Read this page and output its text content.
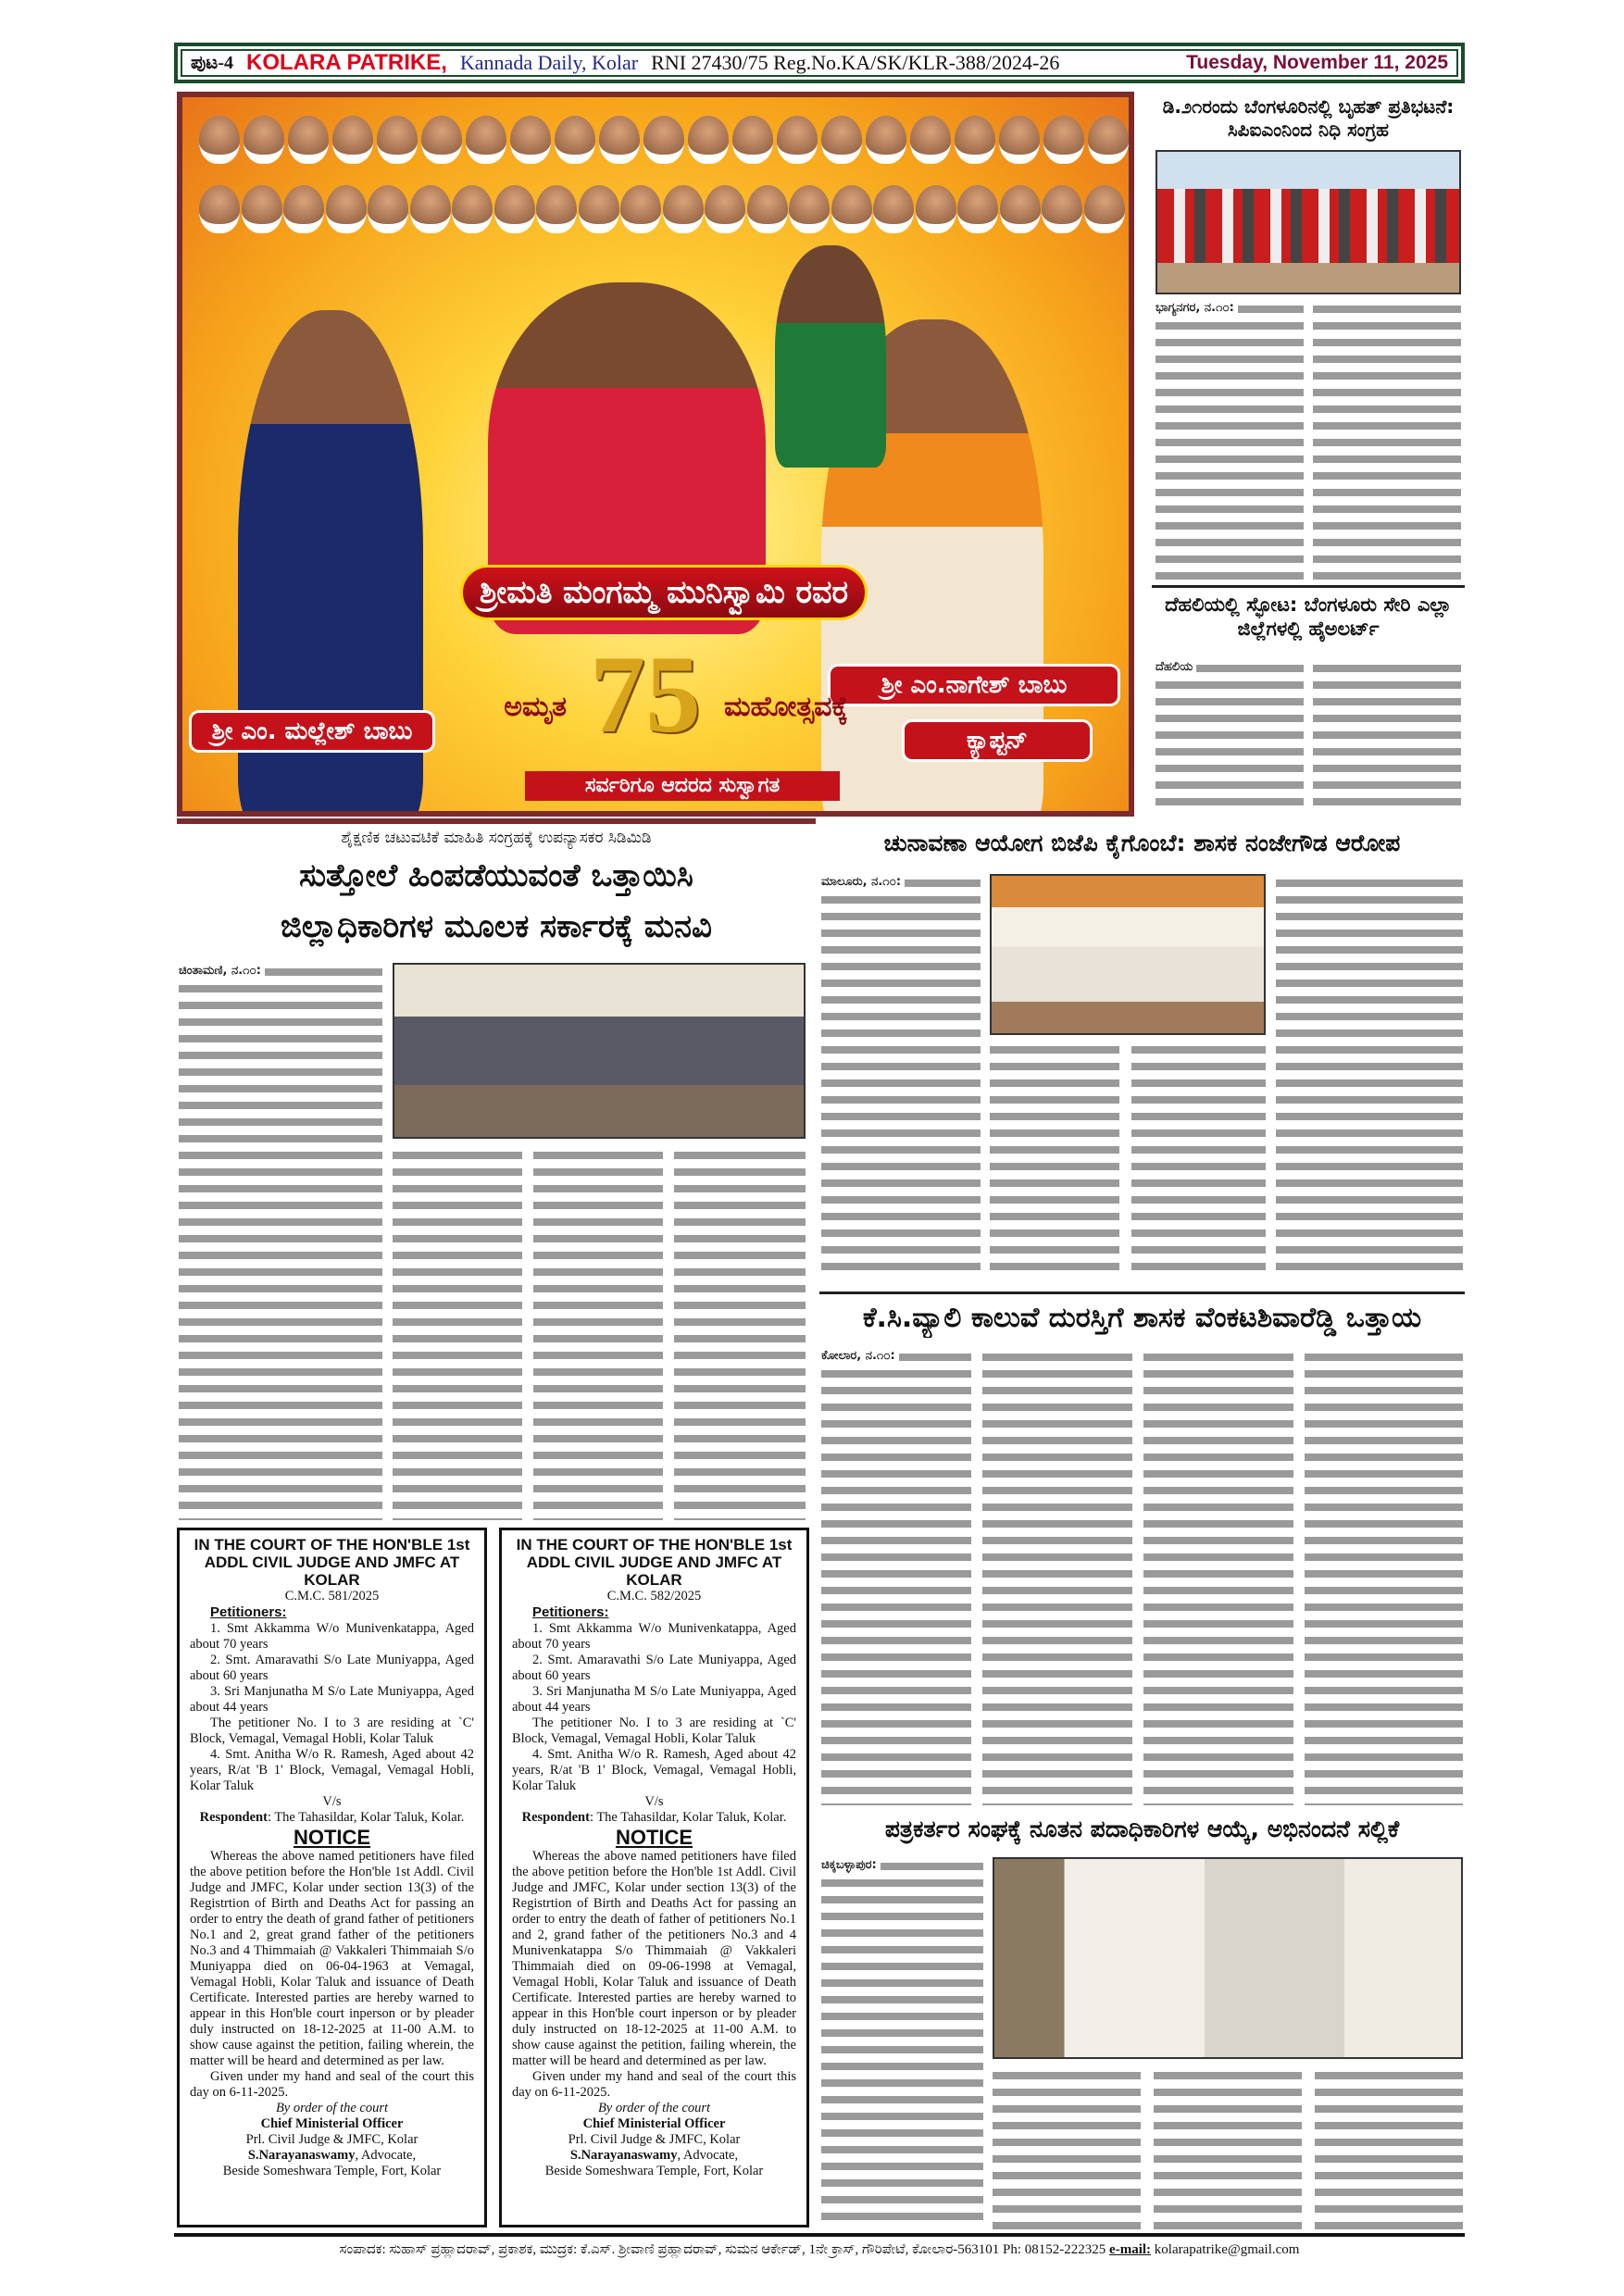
ಪುಟ-4 KOLARA PATRIKE, Kannada Daily, Kolar RNI 27430/75 Reg.No.KA/SK/KLR-388/2024-26	Tuesday, November 11, 2025
ಶ್ರೀಮತಿ ಮಂಗಮ್ಮ ಮುನಿಸ್ವಾಮಿ ರವರ
ಶ್ರೀ ಎಂ. ಮಲ್ಲೇಶ್ ಬಾಬು
ಶ್ರೀ ಎಂ.ನಾಗೇಶ್ ಬಾಬು
ಕ್ಯಾಪ್ಟನ್
ಅಮೃತ 75 ಮಹೋತ್ಸವಕ್ಕೆ
ಸರ್ವರಿಗೂ ಆದರದ ಸುಸ್ವಾಗತ
ಡಿ.೨೧ರಂದು ಬೆಂಗಳೂರಿನಲ್ಲಿ ಬೃಹತ್ ಪ್ರತಿಭಟನೆ: ಸಿಪಿಐಎಂನಿಂದ ನಿಧಿ ಸಂಗ್ರಹ
ಭಾಗ್ಯನಗರ, ನ.೧೦:
ದೆಹಲಿಯಲ್ಲಿ ಸ್ಫೋಟ: ಬೆಂಗಳೂರು ಸೇರಿ ಎಲ್ಲಾ ಜಿಲ್ಲೆಗಳಲ್ಲಿ ಹೈಅಲರ್ಟ್
ದೆಹಲಿಯ
ಶೈಕ್ಷಣಿಕ ಚಟುವಟಿಕೆ ಮಾಹಿತಿ ಸಂಗ್ರಹಕ್ಕೆ ಉಪನ್ಯಾಸಕರ ಸಿಡಿಮಿಡಿ
ಸುತ್ತೋಲೆ ಹಿಂಪಡೆಯುವಂತೆ ಒತ್ತಾಯಿಸಿ
ಜಿಲ್ಲಾಧಿಕಾರಿಗಳ ಮೂಲಕ ಸರ್ಕಾರಕ್ಕೆ ಮನವಿ
ಚಿಂತಾಮಣಿ, ನ.೧೦:
IN THE COURT OF THE HON'BLE 1st
ADDL CIVIL JUDGE AND JMFC AT KOLAR
C.M.C. 581/2025
Petitioners:

1. Smt Akkamma W/o Munivenkatappa, Aged about 70 years

2. Smt. Amaravathi S/o Late Muniyappa, Aged about 60 years

3. Sri Manjunatha M S/o Late Muniyappa, Aged about 44 years

The petitioner No. I to 3 are residing at `C' Block, Vemagal, Vemagal Hobli, Kolar Taluk

4. Smt. Anitha W/o R. Ramesh, Aged about 42 years, R/at 'B 1' Block, Vemagal, Vemagal Hobli, Kolar Taluk

V/s
Respondent: The Tahasildar, Kolar Taluk, Kolar.
NOTICE

Whereas the above named petitioners have filed the above petition before the Hon'ble 1st Addl. Civil Judge and JMFC, Kolar under section 13(3) of the Registrtion of Birth and Deaths Act for passing an order to entry the death of grand father of petitioners No.1 and 2, great grand father of the petitioners No.3 and 4 Thimmaiah @ Vakkaleri Thimmaiah S/o Muniyappa died on 06-04-1963 at Vemagal, Vemagal Hobli, Kolar Taluk and issuance of Death Certificate. Interested parties are hereby warned to appear in this Hon'ble court inperson or by pleader duly instructed on 18-12-2025 at 11-00 A.M. to show cause against the petition, failing wherein, the matter will be heard and determined as per law.

Given under my hand and seal of the court this day on 6-11-2025.

By order of the court
Chief Ministerial Officer
Prl. Civil Judge & JMFC, Kolar
S.Narayanaswamy, Advocate,
Beside Someshwara Temple, Fort, Kolar
IN THE COURT OF THE HON'BLE 1st
ADDL CIVIL JUDGE AND JMFC AT KOLAR
C.M.C. 582/2025
Petitioners:

1. Smt Akkamma W/o Munivenkatappa, Aged about 70 years

2. Smt. Amaravathi S/o Late Muniyappa, Aged about 60 years

3. Sri Manjunatha M S/o Late Muniyappa, Aged about 44 years

The petitioner No. I to 3 are residing at `C' Block, Vemagal, Vemagal Hobli, Kolar Taluk

4. Smt. Anitha W/o R. Ramesh, Aged about 42 years, R/at 'B 1' Block, Vemagal, Vemagal Hobli, Kolar Taluk

V/s
Respondent: The Tahasildar, Kolar Taluk, Kolar.
NOTICE

Whereas the above named petitioners have filed the above petition before the Hon'ble 1st Addl. Civil Judge and JMFC, Kolar under section 13(3) of the Registrtion of Birth and Deaths Act for passing an order to entry the death of father of petitioners No.1 and 2, grand father of the petitioners No.3 and 4 Munivenkatappa S/o Thimmaiah @ Vakkaleri Thimmaiah died on 09-06-1998 at Vemagal, Vemagal Hobli, Kolar Taluk and issuance of Death Certificate. Interested parties are hereby warned to appear in this Hon'ble court inperson or by pleader duly instructed on 18-12-2025 at 11-00 A.M. to show cause against the petition, failing wherein, the matter will be heard and determined as per law.

Given under my hand and seal of the court this day on 6-11-2025.

By order of the court
Chief Ministerial Officer
Prl. Civil Judge & JMFC, Kolar
S.Narayanaswamy, Advocate,
Beside Someshwara Temple, Fort, Kolar
ಚುನಾವಣಾ ಆಯೋಗ ಬಿಜೆಪಿ ಕೈಗೊಂಬೆ: ಶಾಸಕ ನಂಜೇಗೌಡ ಆರೋಪ
ಮಾಲೂರು, ನ.೧೦:
ಕೆ.ಸಿ.ವ್ಯಾಲಿ ಕಾಲುವೆ ದುರಸ್ತಿಗೆ ಶಾಸಕ ವೆಂಕಟಶಿವಾರೆಡ್ಡಿ ಒತ್ತಾಯ
ಕೋಲಾರ, ನ.೧೦:
ಪತ್ರಕರ್ತರ ಸಂಘಕ್ಕೆ ನೂತನ ಪದಾಧಿಕಾರಿಗಳ ಆಯ್ಕೆ, ಅಭಿನಂದನೆ ಸಲ್ಲಿಕೆ
ಚಿಕ್ಕಬಳ್ಳಾಪುರ:
ಸಂಪಾದಕ: ಸುಹಾಸ್ ಪ್ರಹ್ಲಾದರಾವ್, ಪ್ರಕಾಶಕ, ಮುದ್ರಕ: ಕೆ.ಎಸ್. ಶ್ರೀವಾಣಿ ಪ್ರಹ್ಲಾದರಾವ್, ಸುಮನ ಆರ್ಕೇಡ್, 1ನೇ ಕ್ರಾಸ್, ಗೌರಿಪೇಟೆ, ಕೋಲಾರ-563101 Ph: 08152-222325 e-mail: kolarapatrike@gmail.com
